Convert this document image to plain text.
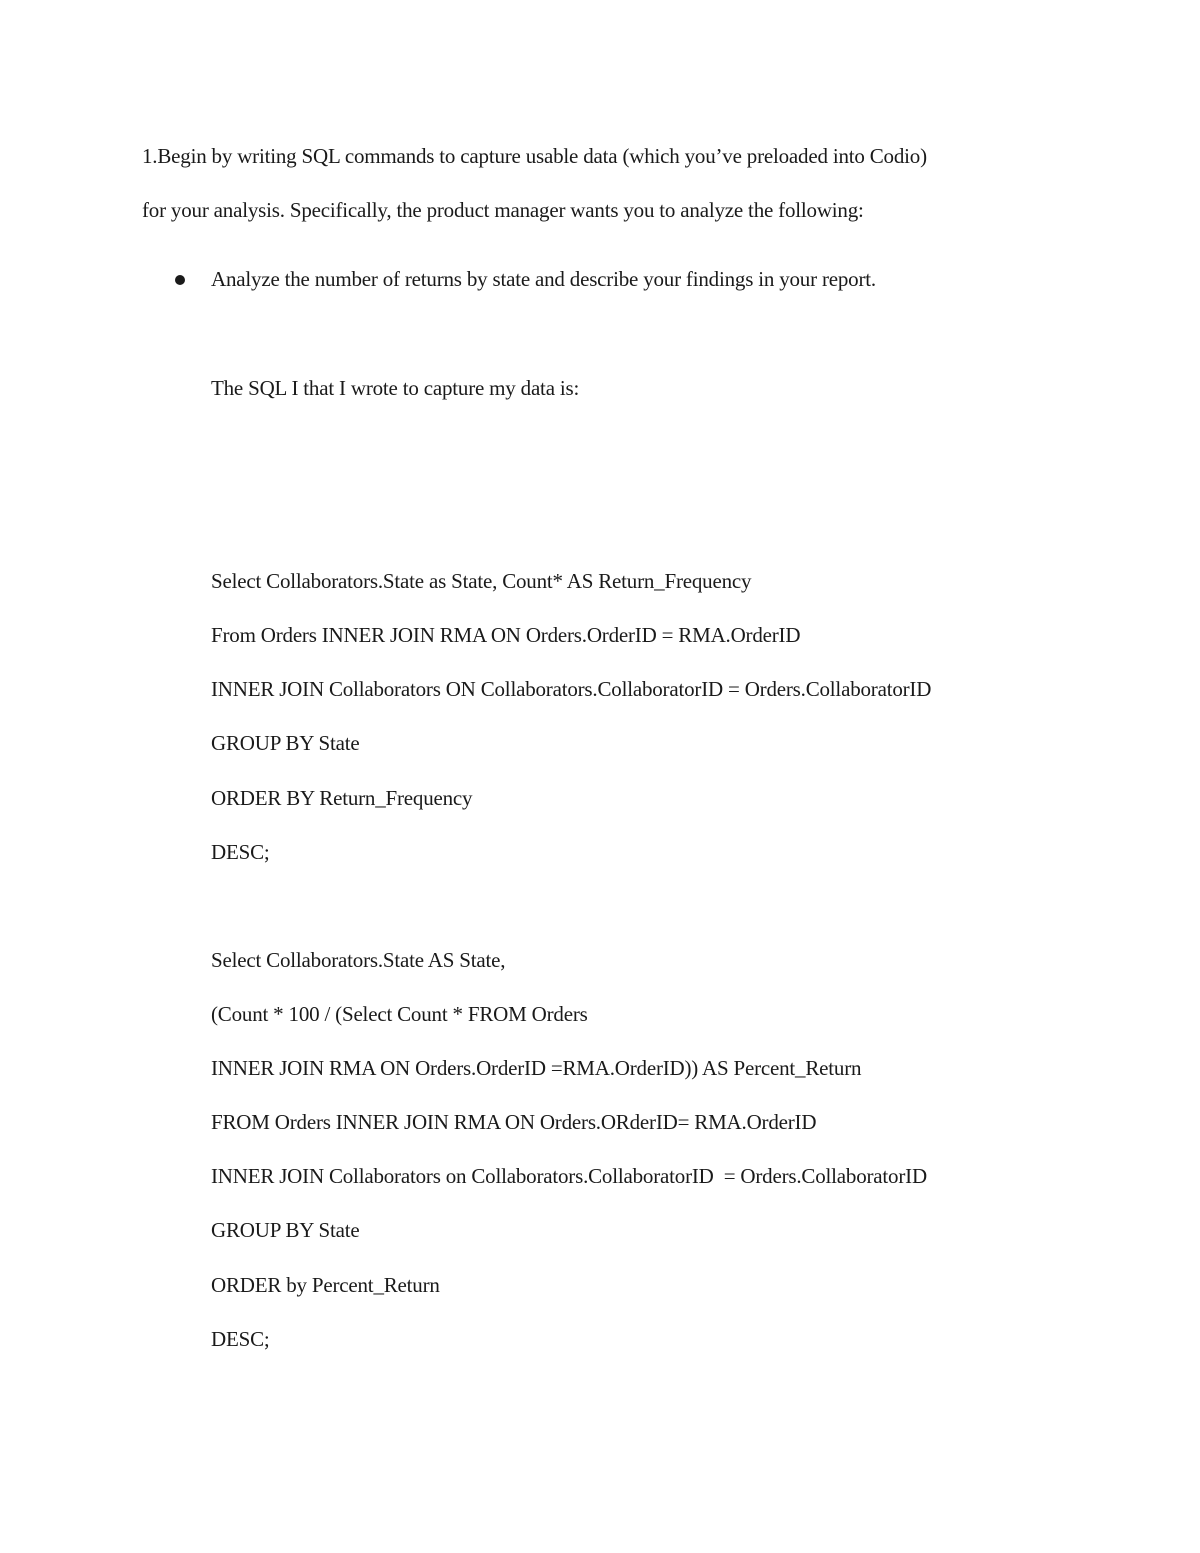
1.Begin by writing SQL commands to capture usable data (which you’ve preloaded into Codio)
for your analysis. Specifically, the product manager wants you to analyze the following:
Analyze the number of returns by state and describe your findings in your report.
The SQL I that I wrote to capture my data is:
Select Collaborators.State as State, Count* AS Return_Frequency
From Orders INNER JOIN RMA ON Orders.OrderID = RMA.OrderID
INNER JOIN Collaborators ON Collaborators.CollaboratorID = Orders.CollaboratorID
GROUP BY State
ORDER BY Return_Frequency
DESC;
Select Collaborators.State AS State,
(Count * 100 / (Select Count * FROM Orders
INNER JOIN RMA ON Orders.OrderID =RMA.OrderID)) AS Percent_Return
FROM Orders INNER JOIN RMA ON Orders.ORderID= RMA.OrderID
INNER JOIN Collaborators on Collaborators.CollaboratorID  = Orders.CollaboratorID
GROUP BY State
ORDER by Percent_Return
DESC;
